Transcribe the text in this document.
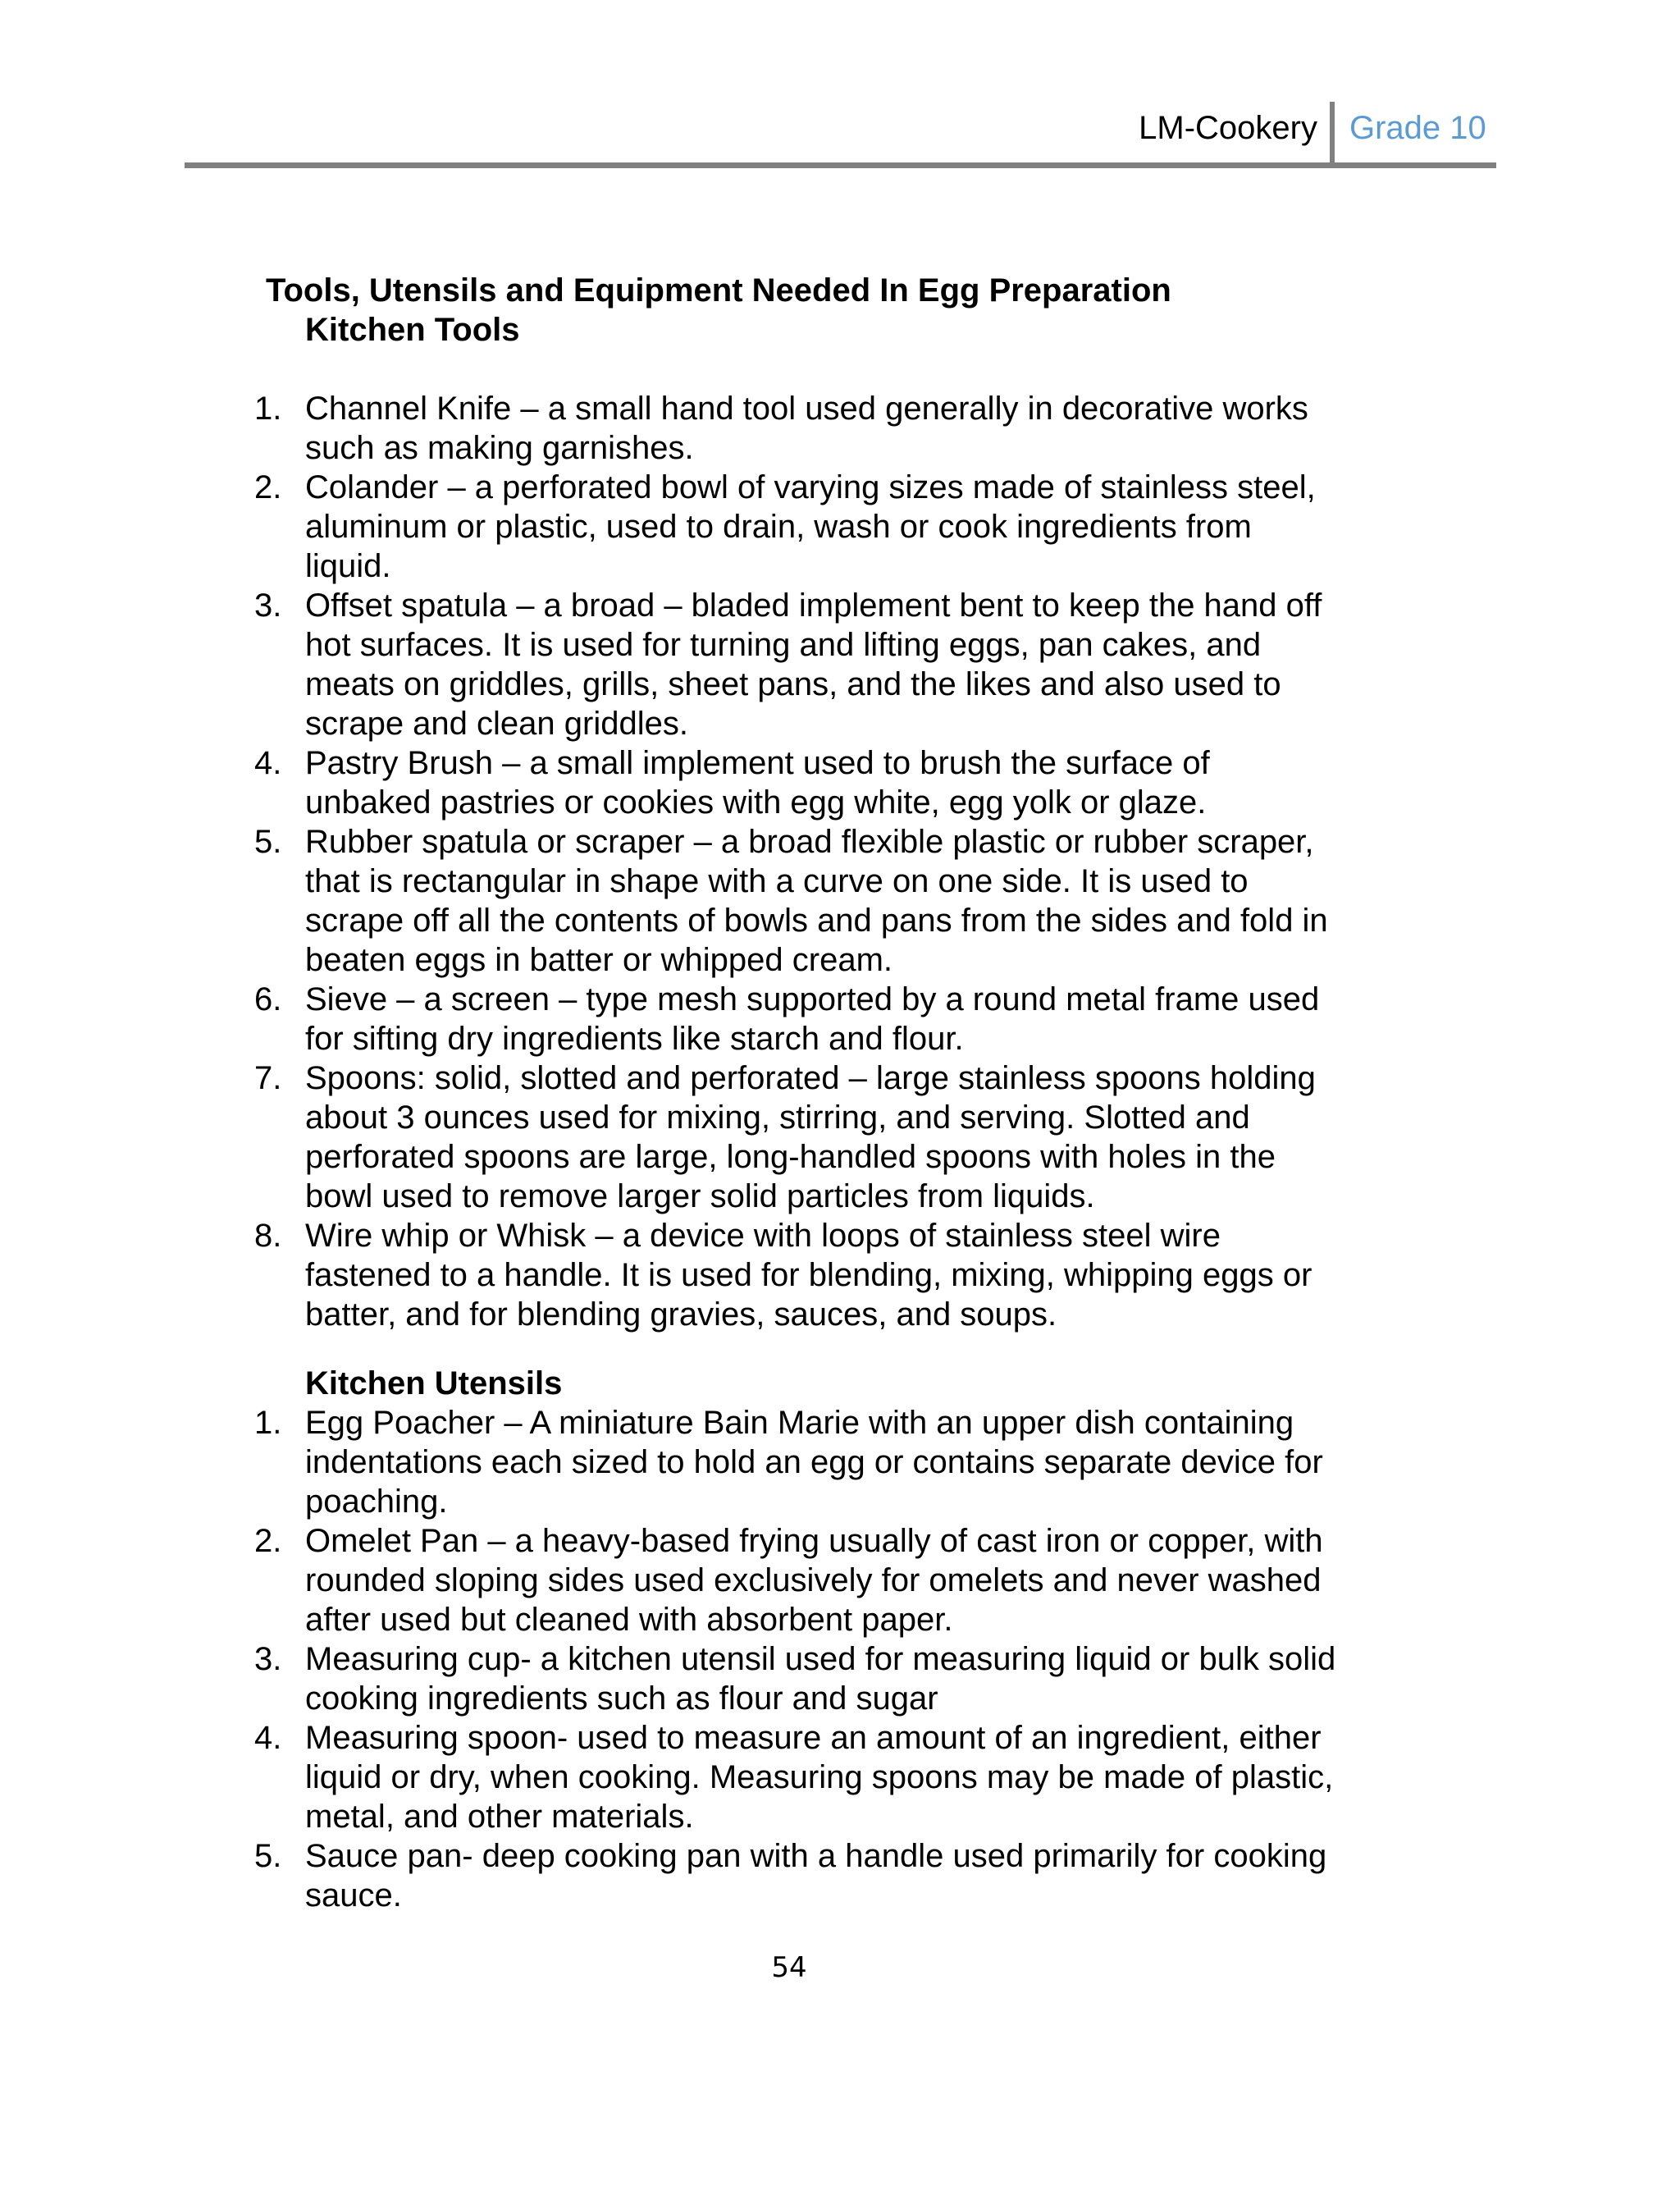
LM-Cookery Grade 10
Tools, Utensils and Equipment Needed In Egg Preparation
Kitchen Tools
1. 1. Channel Knife – a small hand tool used generally in decorative works
such as making garnishes.
2. 2. Colander – a perforated bowl of varying sizes made of stainless steel,
aluminum or plastic, used to drain, wash or cook ingredients from
liquid.
3. 3. Offset spatula – a broad – bladed implement bent to keep the hand off
hot surfaces. It is used for turning and lifting eggs, pan cakes, and
meats on griddles, grills, sheet pans, and the likes and also used to
scrape and clean griddles.
4. 4. Pastry Brush – a small implement used to brush the surface of
unbaked pastries or cookies with egg white, egg yolk or glaze.
5. 5. Rubber spatula or scraper – a broad flexible plastic or rubber scraper,
that is rectangular in shape with a curve on one side. It is used to
scrape off all the contents of bowls and pans from the sides and fold in
beaten eggs in batter or whipped cream.
6. 6. Sieve – a screen – type mesh supported by a round metal frame used
for sifting dry ingredients like starch and flour.
7. 7. Spoons: solid, slotted and perforated – large stainless spoons holding
about 3 ounces used for mixing, stirring, and serving. Slotted and
perforated spoons are large, long-handled spoons with holes in the
bowl used to remove larger solid particles from liquids.
8. 8. Wire whip or Whisk – a device with loops of stainless steel wire
fastened to a handle. It is used for blending, mixing, whipping eggs or
batter, and for blending gravies, sauces, and soups.
Kitchen Utensils
1. 1. Egg Poacher – A miniature Bain Marie with an upper dish containing
indentations each sized to hold an egg or contains separate device for
poaching.
2. 2. Omelet Pan – a heavy-based frying usually of cast iron or copper, with
rounded sloping sides used exclusively for omelets and never washed
after used but cleaned with absorbent paper.
3. 3. Measuring cup- a kitchen utensil used for measuring liquid or bulk solid
cooking ingredients such as flour and sugar
4. 4. Measuring spoon- used to measure an amount of an ingredient, either
liquid or dry, when cooking. Measuring spoons may be made of plastic,
metal, and other materials.
5. 5. Sauce pan- deep cooking pan with a handle used primarily for cooking
sauce.
54
